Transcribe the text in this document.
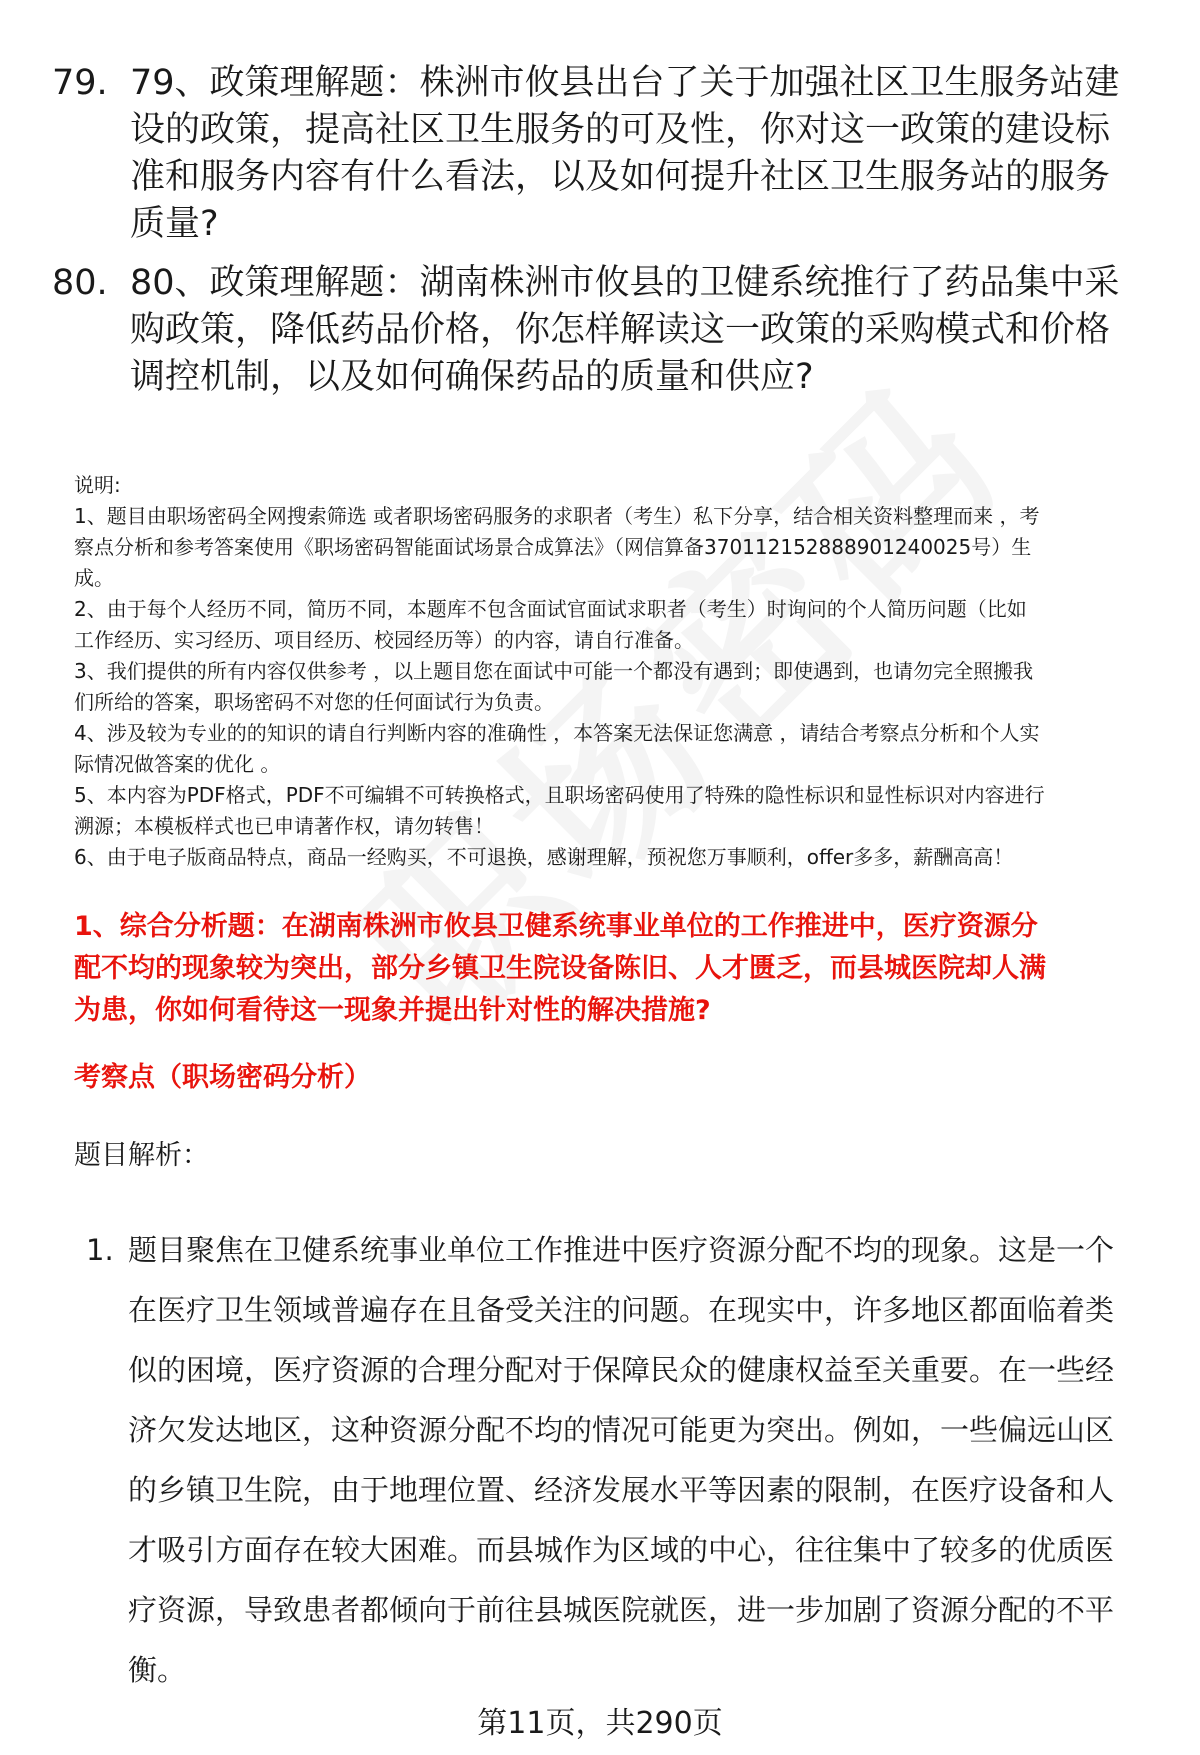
79. 79、政策理解题：株洲市攸县出台了关于加强社区卫生服务站建
设的政策，提高社区卫生服务的可及性，你对这一政策的建设标
准和服务内容有什么看法，以及如何提升社区卫生服务站的服务
质量?
80. 80、政策理解题：湖南株洲市攸县的卫健系统推行了药品集中采
购政策，降低药品价格，你怎样解读这一政策的采购模式和价格
调控机制，以及如何确保药品的质量和供应?
说明:
1、题目由职场密码全网搜索筛选 或者职场密码服务的求职者（考生）私下分享，结合相关资料整理而来 ，考
察点分析和参考答案使用《职场密码智能面试场景合成算法》（网信算备370112152888901240025号）生
成。
2、由于每个人经历不同，简历不同，本题库不包含面试官面试求职者（考生）时询问的个人简历问题（比如
工作经历、实习经历、项目经历、校园经历等）的内容，请自行准备。
3、我们提供的所有内容仅供参考 ，以上题目您在面试中可能一个都没有遇到；即使遇到，也请勿完全照搬我
们所给的答案，职场密码不对您的任何面试行为负责。
4、涉及较为专业的的知识的请自行判断内容的准确性 ，本答案无法保证您满意 ，请结合考察点分析和个人实
际情况做答案的优化 。
5、本内容为PDF格式，PDF不可编辑不可转换格式，且职场密码使用了特殊的隐性标识和显性标识对内容进行
溯源；本模板样式也已申请著作权，请勿转售！
6、由于电子版商品特点，商品一经购买，不可退换，感谢理解，预祝您万事顺利，offer多多，薪酬高高！
1、综合分析题：在湖南株洲市攸县卫健系统事业单位的工作推进中，医疗资源分
配不均的现象较为突出，部分乡镇卫生院设备陈旧、人才匮乏，而县城医院却人满
为患，你如何看待这一现象并提出针对性的解决措施?
考察点（职场密码分析）
题目解析：
1. 题目聚焦在卫健系统事业单位工作推进中医疗资源分配不均的现象。这是一个
在医疗卫生领域普遍存在且备受关注的问题。在现实中，许多地区都面临着类
似的困境，医疗资源的合理分配对于保障民众的健康权益至关重要。在一些经
济欠发达地区，这种资源分配不均的情况可能更为突出。例如，一些偏远山区
的乡镇卫生院，由于地理位置、经济发展水平等因素的限制，在医疗设备和人
才吸引方面存在较大困难。而县城作为区域的中心，往往集中了较多的优质医
疗资源，导致患者都倾向于前往县城医院就医，进一步加剧了资源分配的不平
衡。
第11页，共290页
